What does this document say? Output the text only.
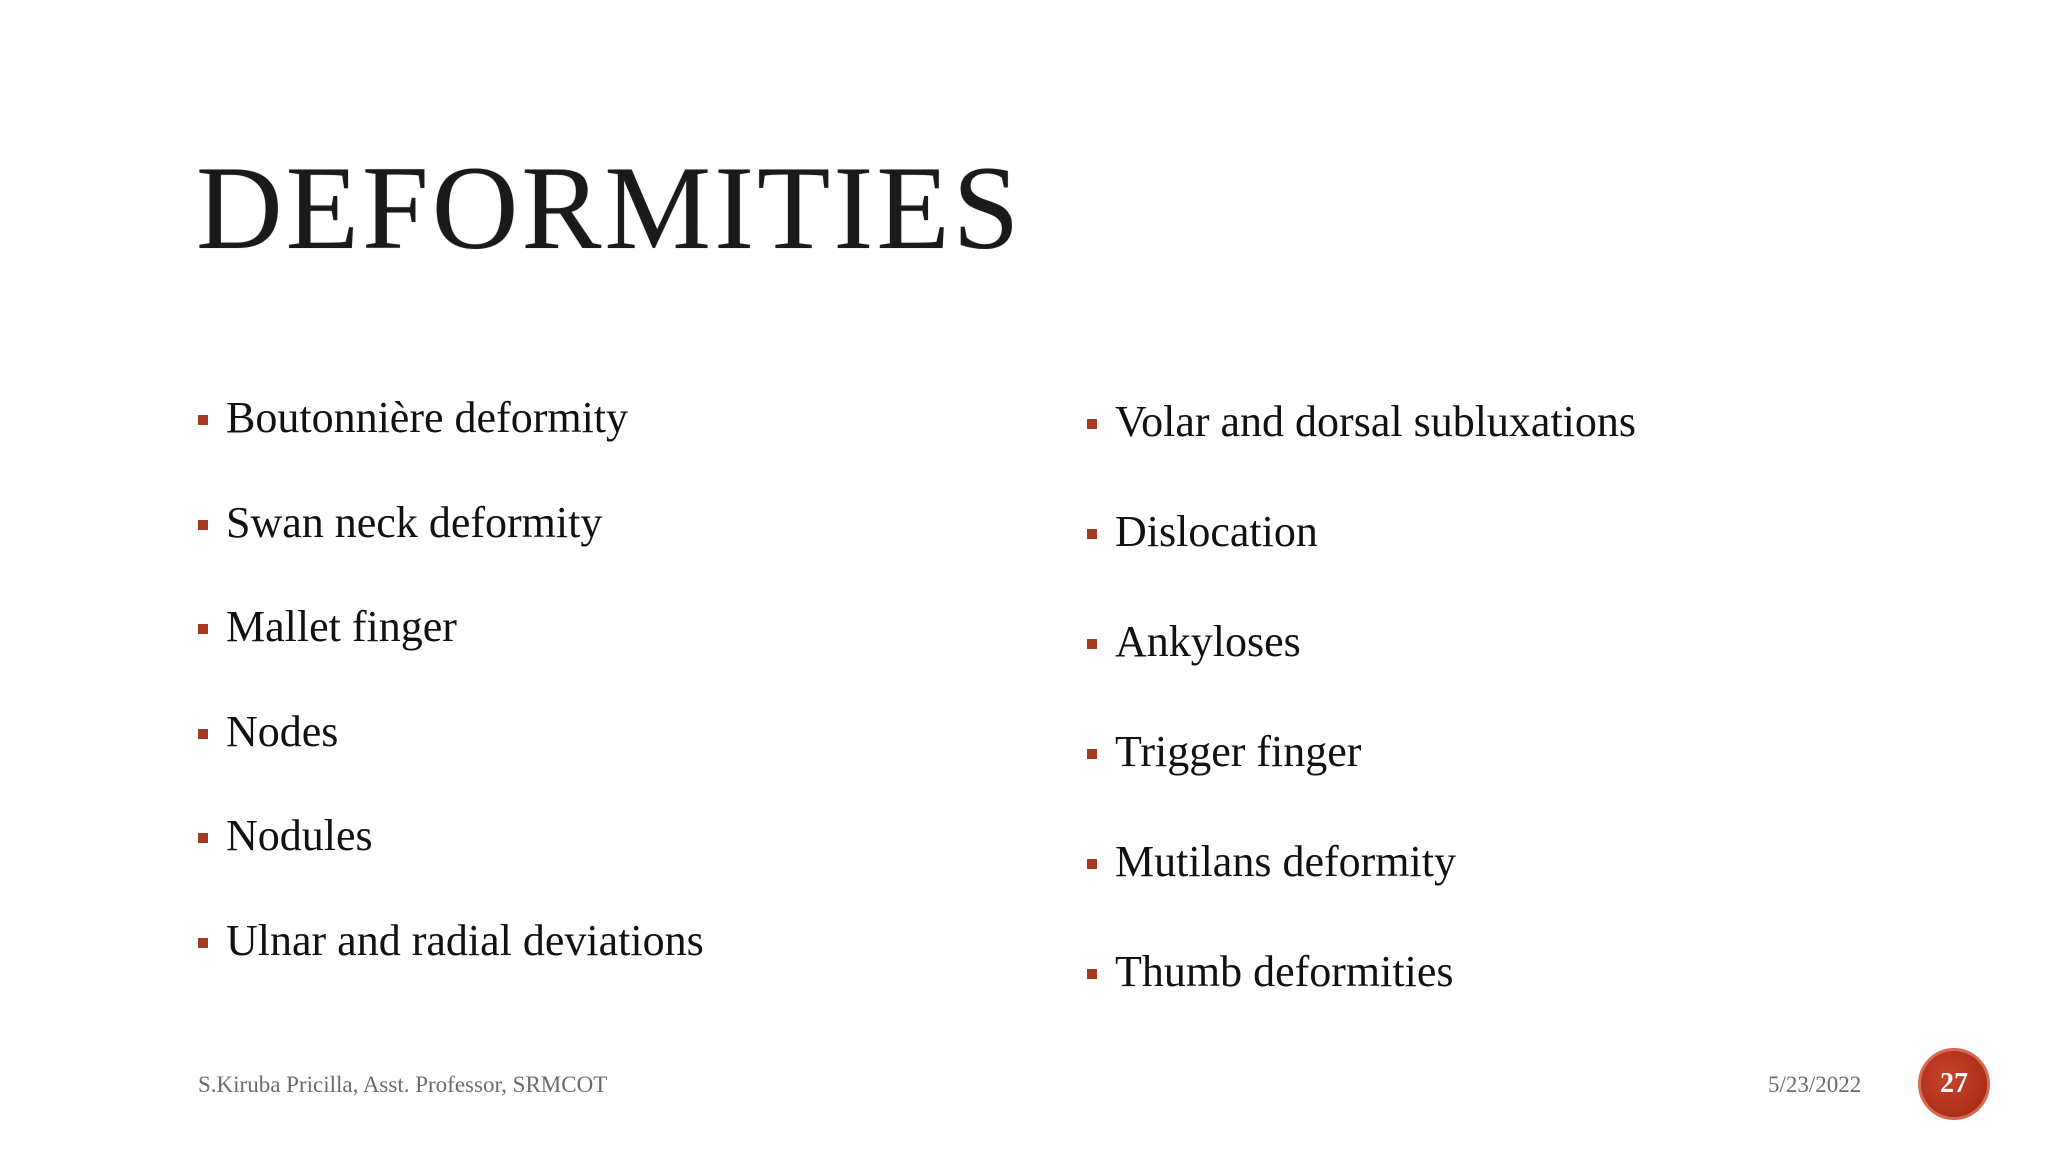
DEFORMITIES
Boutonnière deformity
Swan neck deformity
Mallet finger
Nodes
Nodules
Ulnar and radial deviations
Volar and dorsal subluxations
Dislocation
Ankyloses
Trigger finger
Mutilans deformity
Thumb deformities
S.Kiruba Pricilla, Asst. Professor, SRMCOT	5/23/2022	27
